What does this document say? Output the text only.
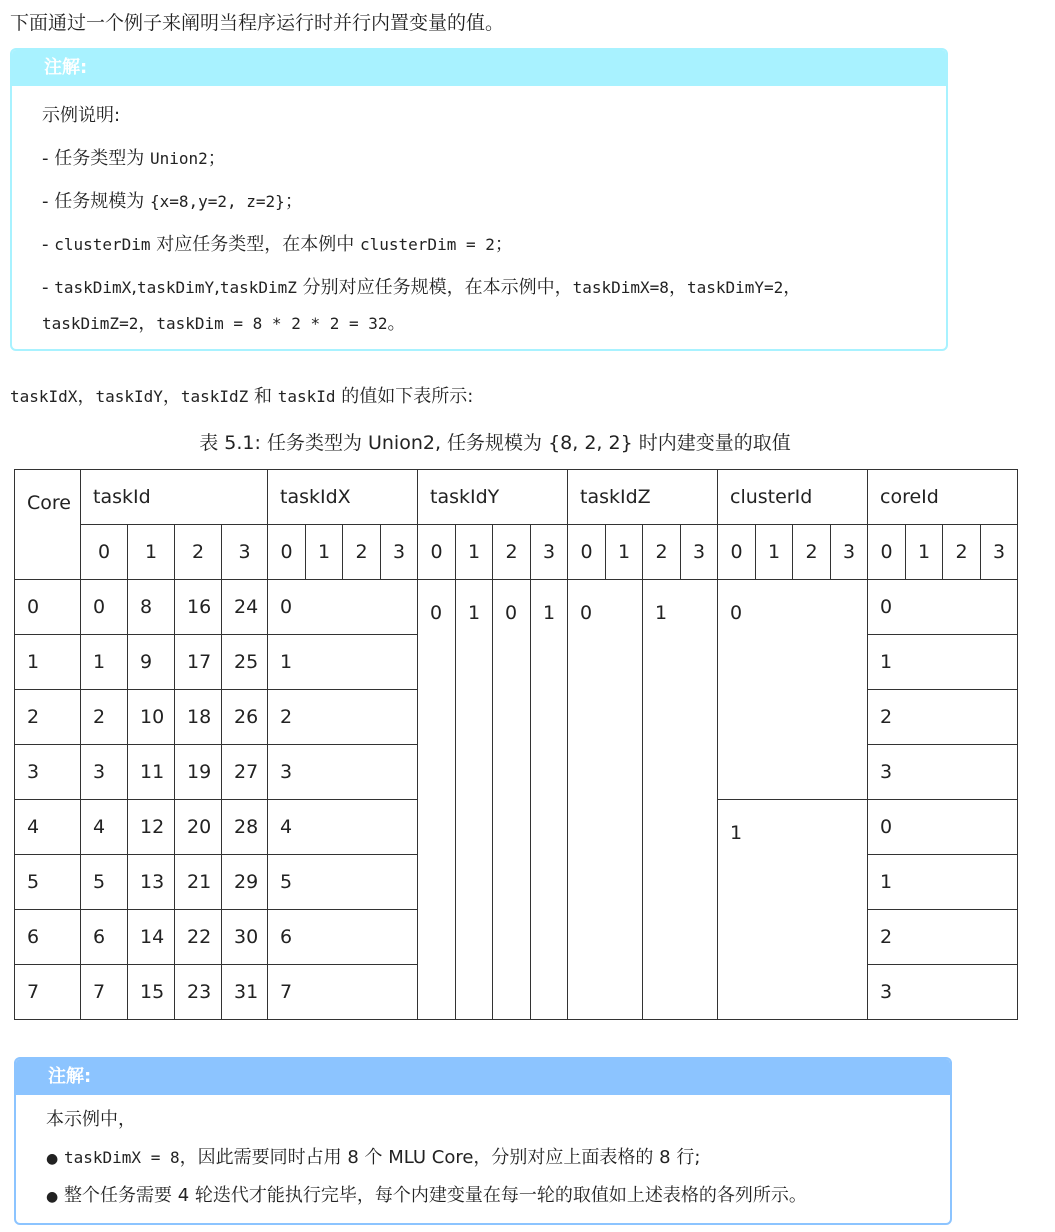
下面通过一个例子来阐明当程序运行时并行内置变量的值。
注解:
示例说明:
- 任务类型为 Union2；
- 任务规模为 {x=8,y=2, z=2}；
- clusterDim 对应任务类型，在本例中 clusterDim = 2；
- taskDimX,taskDimY,taskDimZ 分别对应任务规模，在本示例中，taskDimX=8，taskDimY=2，
taskDimZ=2，taskDim = 8 * 2 * 2 = 32。
taskIdX，taskIdY，taskIdZ 和 taskId 的值如下表所示:
表 5.1: 任务类型为 Union2, 任务规模为 {8, 2, 2} 时内建变量的取值
Core	taskId				taskIdX				taskIdY				taskIdZ				clusterId				coreId			
	0	1	2	3	0	1	2	3	0	1	2	3	0	1	2	3	0	1	2	3	0	1	2	3
0	0	8	16	24	0				0	1	0	1	0		1		0				0			
1	1	9	17	25	1																1			
2	2	10	18	26	2																2			
3	3	11	19	27	3																3			
4	4	12	20	28	4												1				0			
5	5	13	21	29	5																1			
6	6	14	22	30	6																2			
7	7	15	23	31	7																3			
注解:
本示例中，
● taskDimX = 8，因此需要同时占用 8 个 MLU Core，分别对应上面表格的 8 行;
● 整个任务需要 4 轮迭代才能执行完毕，每个内建变量在每一轮的取值如上述表格的各列所示。
